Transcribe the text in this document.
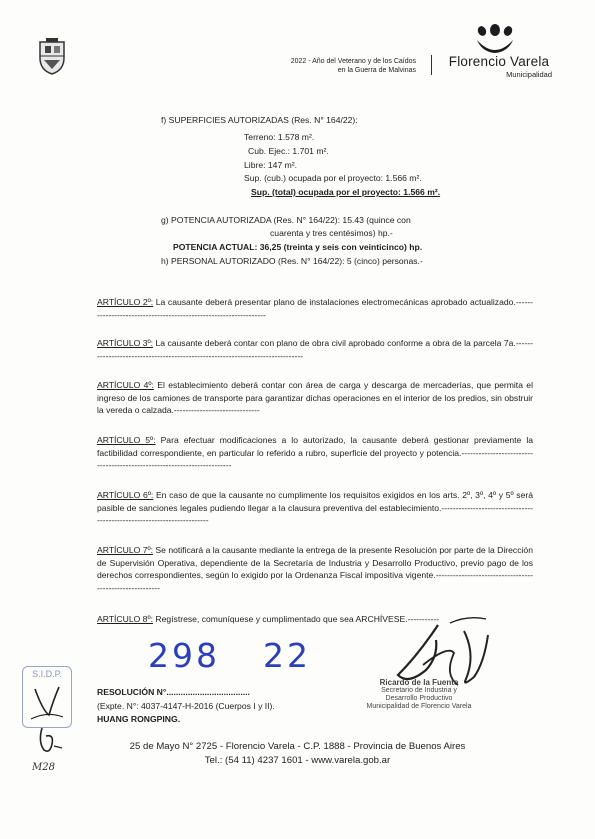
2022 - Año del Veterano y de los Caídos
en la Guerra de Malvinas
Florencio Varela
Municipalidad
f) SUPERFICIES AUTORIZADAS (Res. N° 164/22):
Terreno: 1.578 m².
Cub. Ejec.: 1.701 m².
Libre: 147 m².
Sup. (cub.) ocupada por el proyecto: 1.566 m².
Sup. (total) ocupada por el proyecto: 1.566 m².
g) POTENCIA AUTORIZADA (Res. N° 164/22): 15.43 (quince con
cuarenta y tres centésimos) hp.-
POTENCIA ACTUAL: 36,25 (treinta y seis con veinticinco) hp.
h) PERSONAL AUTORIZADO (Res. N° 164/22): 5 (cinco) personas.-
ARTÍCULO 2º: La causante deberá presentar plano de instalaciones electromecánicas aprobado actualizado.-----------------------------------------------------------------
ARTÍCULO 3º: La causante deberá contar con plano de obra civil aprobado conforme a obra de la parcela 7a.------------------------------------------------------------------------------
ARTÍCULO 4º: El establecimiento deberá contar con área de carga y descarga de mercaderías, que permita el ingreso de los camiones de transporte para garantizar dichas operaciones en el interior de los predios, sin obstruir la vereda o calzada.------------------------------
ARTÍCULO 5º: Para efectuar modificaciones a lo autorizado, la causante deberá gestionar previamente la factibilidad correspondiente, en particular lo referido a rubro, superficie del proyecto y potencia.------------------------------------------------------------------------
ARTÍCULO 6º: En caso de que la causante no cumplimente los requisitos exigidos en los arts. 2º, 3º, 4º y 5º será pasible de sanciones legales pudiendo llegar a la clausura preventiva del establecimiento.-----------------------------------------------------------------------
ARTÍCULO 7º: Se notificará a la causante mediante la entrega de la presente Resolución por parte de la Dirección de Supervisión Operativa, dependiente de la Secretaría de Industria y Desarrollo Productivo, previo pago de los derechos correspondientes, según lo exigido por la Ordenanza Fiscal impositiva vigente.--------------------------------------------------------
ARTÍCULO 8º: Regístrese, comuníquese y cumplimentado que sea ARCHÍVESE.-----------
298 22
Ricardo de la Fuente
Secretario de Industria y
Desarrollo Productivo
Municipalidad de Florencio Varela
RESOLUCIÓN N°...................................
(Expte. N°: 4037-4147-H-2016 (Cuerpos I y II).
HUANG RONGPING.
S.I.D.P.
M28
25 de Mayo N° 2725 - Florencio Varela - C.P. 1888 - Provincia de Buenos Aires
Tel.: (54 11) 4237 1601 - www.varela.gob.ar
